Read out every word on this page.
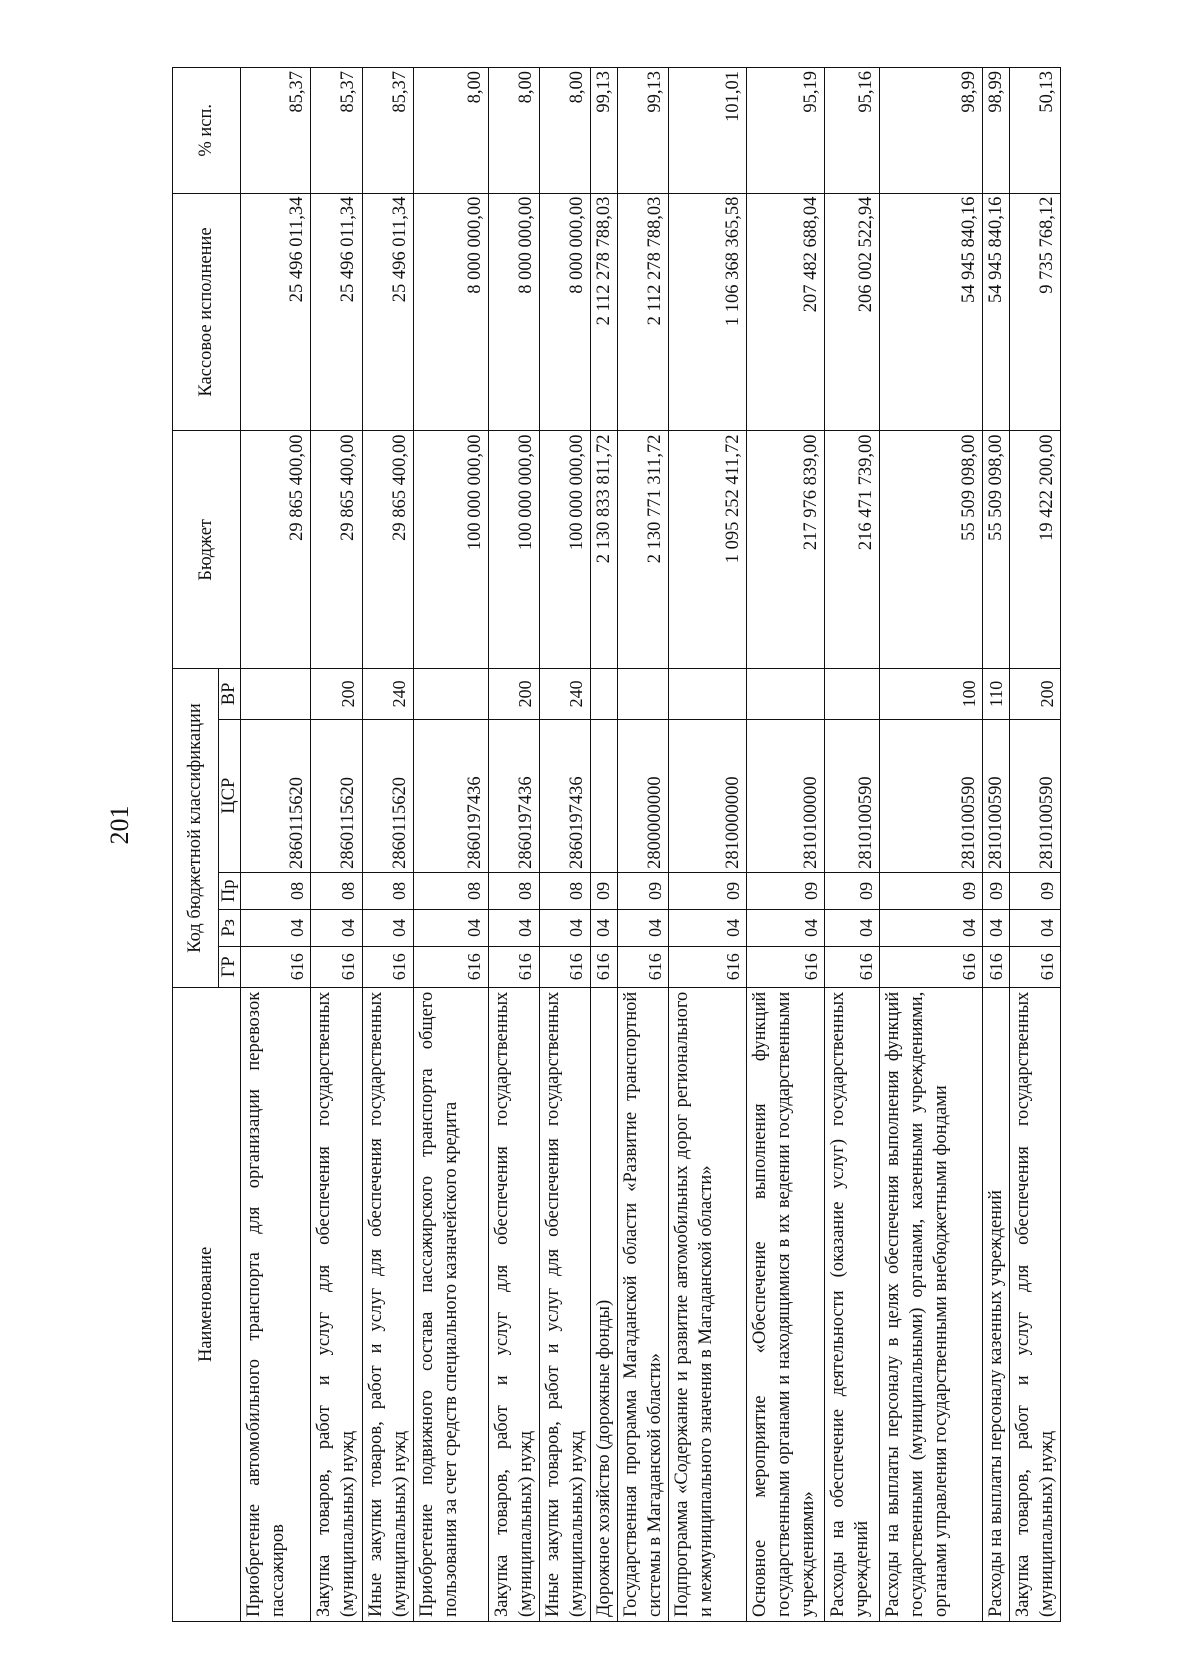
201
Наименование	Код бюджетной классификации					Бюджет	Кассовое исполнение	% исп.
	ГР	Рз	Пр	ЦСР	ВР			
Приобретение автомобильного транспорта для организации перевозок пассажиров	616	04	08	2860115620		29 865 400,00	25 496 011,34	85,37
Закупка товаров, работ и услуг для обеспечения государственных (муниципальных) нужд	616	04	08	2860115620	200	29 865 400,00	25 496 011,34	85,37
Иные закупки товаров, работ и услуг для обеспечения государственных (муниципальных) нужд	616	04	08	2860115620	240	29 865 400,00	25 496 011,34	85,37
Приобретение подвижного состава пассажирского транспорта общего пользования за счет средств специального казначейского кредита	616	04	08	2860197436		100 000 000,00	8 000 000,00	8,00
Закупка товаров, работ и услуг для обеспечения государственных (муниципальных) нужд	616	04	08	2860197436	200	100 000 000,00	8 000 000,00	8,00
Иные закупки товаров, работ и услуг для обеспечения государственных (муниципальных) нужд	616	04	08	2860197436	240	100 000 000,00	8 000 000,00	8,00
Дорожное хозяйство (дорожные фонды)	616	04	09			2 130 833 811,72	2 112 278 788,03	99,13
Государственная программа Магаданской области «Развитие транспортной системы в Магаданской области»	616	04	09	2800000000		2 130 771 311,72	2 112 278 788,03	99,13
Подпрограмма «Содержание и развитие автомобильных дорог регионального и межмуниципального значения в Магаданской области»	616	04	09	2810000000		1 095 252 411,72	1 106 368 365,58	101,01
Основное мероприятие «Обеспечение выполнения функций государственными органами и находящимися в их ведении государственными учреждениями»	616	04	09	2810100000		217 976 839,00	207 482 688,04	95,19
Расходы на обеспечение деятельности (оказание услуг) государственных учреждений	616	04	09	2810100590		216 471 739,00	206 002 522,94	95,16
Расходы на выплаты персоналу в целях обеспечения выполнения функций государственными (муниципальными) органами, казенными учреждениями, органами управления государственными внебюджетными фондами	616	04	09	2810100590	100	55 509 098,00	54 945 840,16	98,99
Расходы на выплаты персоналу казенных учреждений	616	04	09	2810100590	110	55 509 098,00	54 945 840,16	98,99
Закупка товаров, работ и услуг для обеспечения государственных (муниципальных) нужд	616	04	09	2810100590	200	19 422 200,00	9 735 768,12	50,13
